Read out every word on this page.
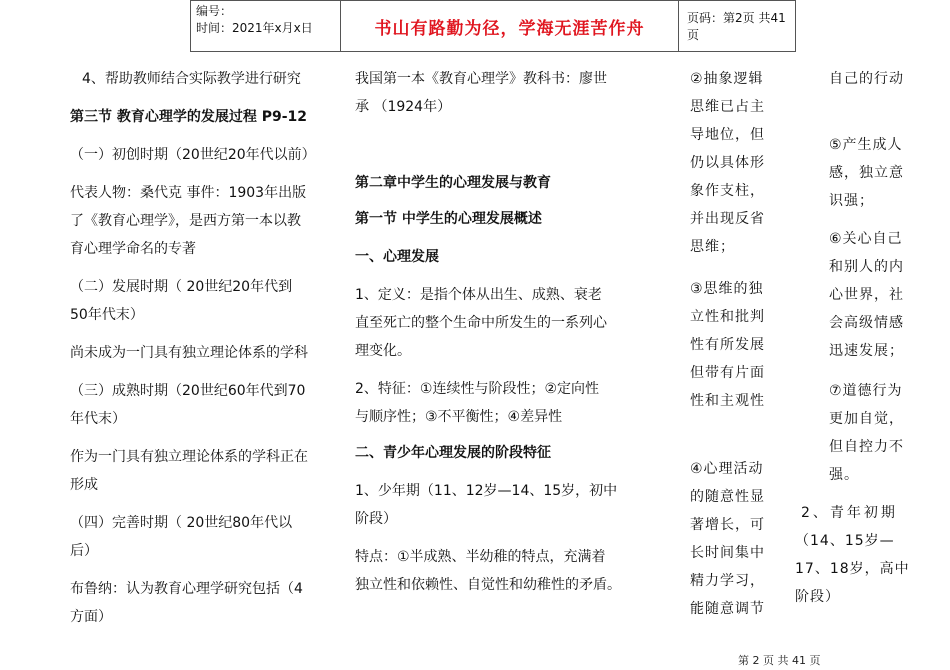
编号：
时间：2021年x月x日	书山有路勤为径，学海无涯苦作舟
页码：第2页 共41页

4、帮助教师结合实际教学进行研究

第三节 教育心理学的发展过程 P9-12

（一）初创时期（20世纪20年代以前）

代表人物：桑代克 事件：1903年出版

了《教育心理学》，是西方第一本以教

育心理学命名的专著

（二）发展时期（ 20世纪20年代到

50年代末）

尚未成为一门具有独立理论体系的学科

（三）成熟时期（20世纪60年代到70

年代末）

作为一门具有独立理论体系的学科正在

形成

（四）完善时期（ 20世纪80年代以

后）

布鲁纳：认为教育心理学研究包括（4

方面）

我国第一本《教育心理学》教科书：廖世

承 （1924年）

第二章中学生的心理发展与教育

第一节 中学生的心理发展概述

一、心理发展

1、定义：是指个体从出生、成熟、衰老

直至死亡的整个生命中所发生的一系列心

理变化。

2、特征：①连续性与阶段性；②定向性

与顺序性；③不平衡性；④差异性

二、青少年心理发展的阶段特征

1、少年期（11、12岁—14、15岁，初中

阶段）

特点：①半成熟、半幼稚的特点，充满着

独立性和依赖性、自觉性和幼稚性的矛盾。

②抽象逻辑

思维已占主

导地位，但

仍以具体形

象作支柱，

并出现反省

思维；

③思维的独

立性和批判

性有所发展

但带有片面

性和主观性

④心理活动

的随意性显

著增长，可

长时间集中

精力学习，

能随意调节

自己的行动

⑤产生成人

感，独立意

识强；

⑥关心自己

和别人的内

心世界，社

会高级情感

迅速发展；

⑦道德行为

更加自觉，

但自控力不

强。

2、青年初期

（14、15岁—

17、18岁，高中

阶段）

第 2 页 共 41 页
